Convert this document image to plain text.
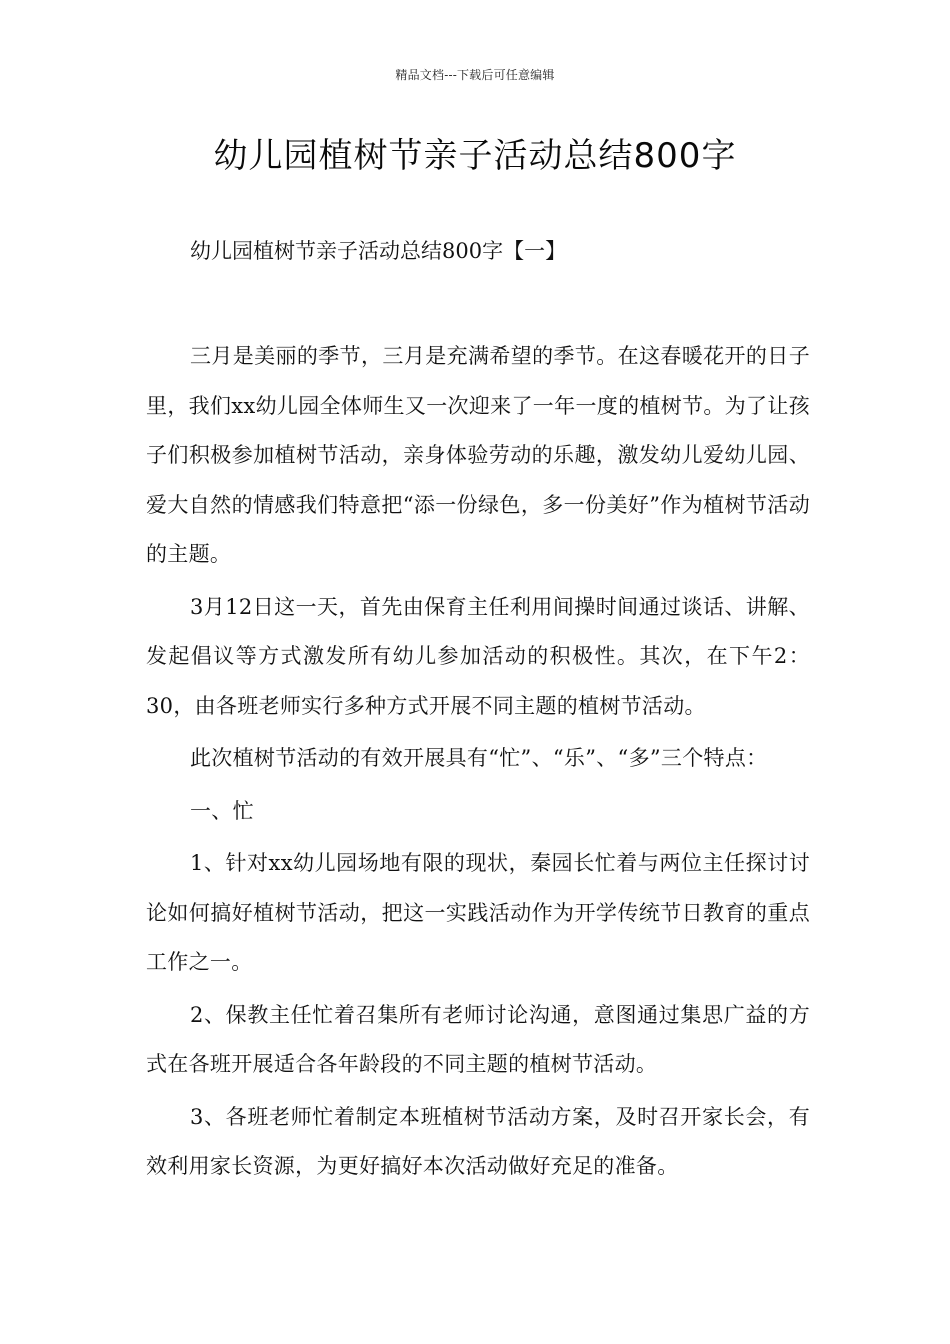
精品文档---下载后可任意编辑
幼儿园植树节亲子活动总结800字

幼儿园植树节亲子活动总结800字【一】

三月是美丽的季节，三月是充满希望的季节。在这春暖花开的日子里，我们xx幼儿园全体师生又一次迎来了一年一度的植树节。为了让孩子们积极参加植树节活动，亲身体验劳动的乐趣，激发幼儿爱幼儿园、爱大自然的情感我们特意把“添一份绿色，多一份美好”作为植树节活动的主题。

3月12日这一天，首先由保育主任利用间操时间通过谈话、讲解、发起倡议等方式激发所有幼儿参加活动的积极性。其次，在下午2：30，由各班老师实行多种方式开展不同主题的植树节活动。

此次植树节活动的有效开展具有“忙”、“乐”、“多”三个特点：

一、忙

1、针对xx幼儿园场地有限的现状，秦园长忙着与两位主任探讨讨论如何搞好植树节活动，把这一实践活动作为开学传统节日教育的重点工作之一。

2、保教主任忙着召集所有老师讨论沟通，意图通过集思广益的方式在各班开展适合各年龄段的不同主题的植树节活动。

3、各班老师忙着制定本班植树节活动方案，及时召开家长会，有效利用家长资源，为更好搞好本次活动做好充足的准备。
